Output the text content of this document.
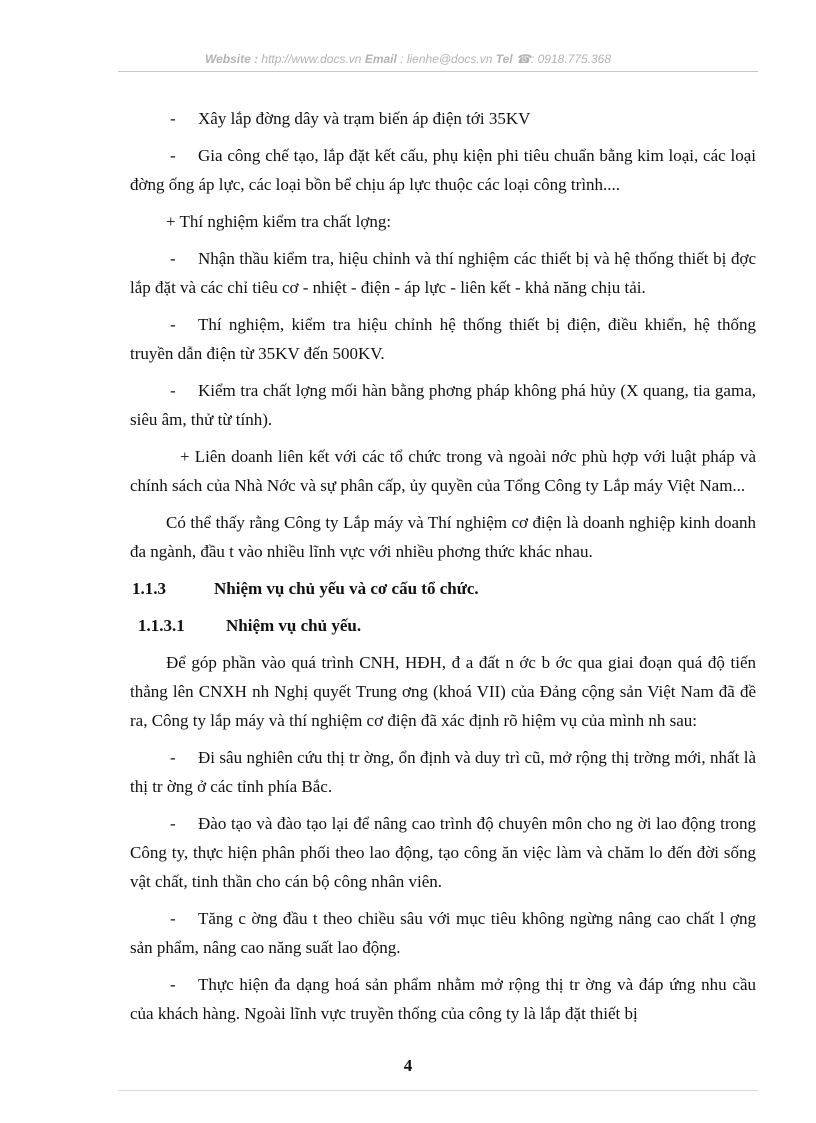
Website : http://www.docs.vn Email : lienhe@docs.vn Tel ☎: 0918.775.368

- Xây lắp đờng dây và trạm biến áp điện tới 35KV

- Gia công chế tạo, lắp đặt kết cấu, phụ kiện phi tiêu chuẩn bằng kim loại, các loại đờng ống áp lực, các loại bồn bể chịu áp lực thuộc các loại công trình....

+ Thí nghiệm kiểm tra chất lợng:

- Nhận thầu kiểm tra, hiệu chỉnh và thí nghiệm các thiết bị và hệ thống thiết bị đợc lắp đặt và các chỉ tiêu cơ - nhiệt - điện - áp lực - liên kết - khả năng chịu tải.

- Thí nghiệm, kiểm tra hiệu chỉnh hệ thống thiết bị điện, điều khiển, hệ thống truyền dẫn điện từ 35KV đến 500KV.

- Kiểm tra chất lợng mối hàn bằng phơng pháp không phá hủy (X quang, tia gama, siêu âm, thử từ tính).

+ Liên doanh liên kết với các tổ chức trong và ngoài nớc phù hợp với luật pháp và chính sách của Nhà Nớc và sự phân cấp, ủy quyền của Tổng Công ty Lắp máy Việt Nam...

Có thể thấy rằng Công ty Lắp máy và Thí nghiệm cơ điện là doanh nghiệp kinh doanh đa ngành, đầu t vào nhiều lĩnh vực với nhiều phơng thức khác nhau.

1.1.3	Nhiệm vụ chủ yếu và cơ cấu tổ chức.
1.1.3.1 Nhiệm vụ chủ yếu.

Để góp phần vào quá trình CNH, HĐH, đ a đất n ớc b ớc qua giai đoạn quá độ tiến thẳng lên CNXH nh Nghị quyết Trung ơng (khoá VII) của Đảng cộng sản Việt Nam đã đề ra, Công ty lắp máy và thí nghiệm cơ điện đã xác định rõ hiệm vụ của mình nh sau:

- Đi sâu nghiên cứu thị tr ờng, ổn định và duy trì cũ, mở rộng thị trờng mới, nhất là thị tr ờng ở các tỉnh phía Bắc.

- Đào tạo và đào tạo lại để nâng cao trình độ chuyên môn cho ng ời lao động trong Công ty, thực hiện phân phối theo lao động, tạo công ăn việc làm và chăm lo đến đời sống vật chất, tinh thần cho cán bộ công nhân viên.

- Tăng c ờng đầu t theo chiều sâu với mục tiêu không ngừng nâng cao chất l ợng sản phẩm, nâng cao năng suất lao động.

- Thực hiện đa dạng hoá sản phẩm nhằm mở rộng thị tr ờng và đáp ứng nhu cầu của khách hàng. Ngoài lĩnh vực truyền thống của công ty là lắp đặt thiết bị

4
